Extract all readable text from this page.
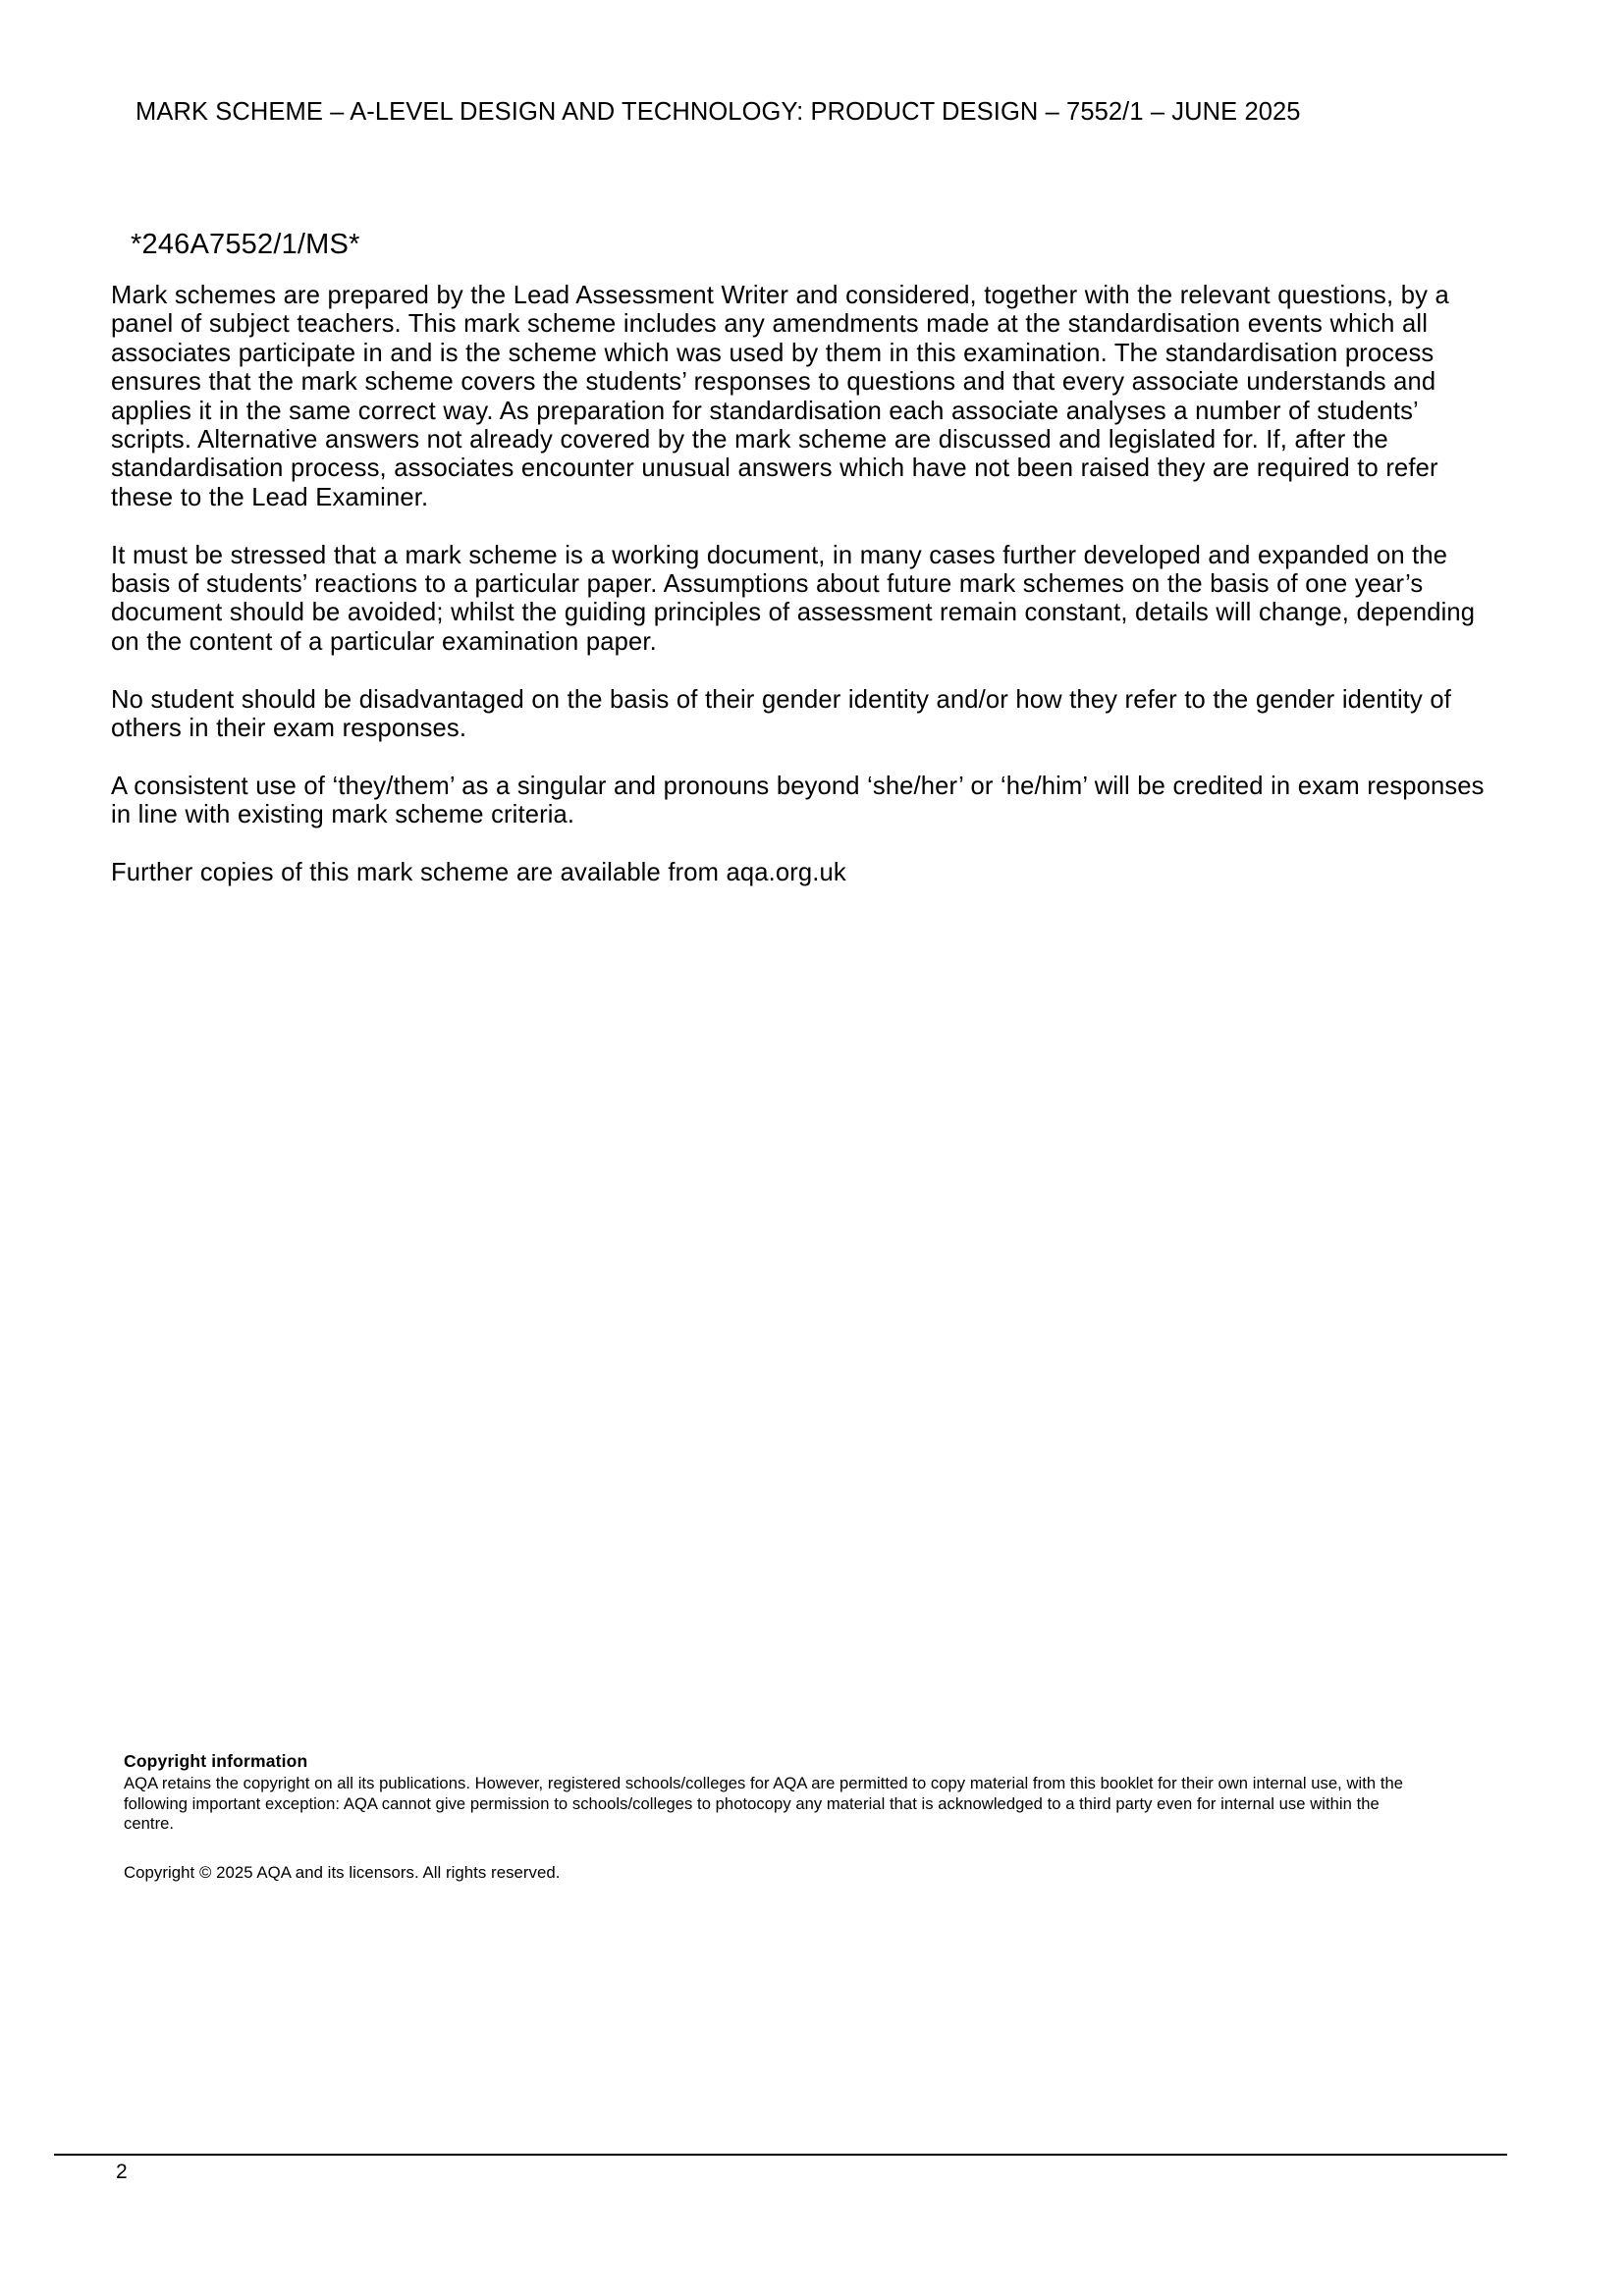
MARK SCHEME – A-LEVEL DESIGN AND TECHNOLOGY: PRODUCT DESIGN – 7552/1 – JUNE 2025
*246A7552/1/MS*

Mark schemes are prepared by the Lead Assessment Writer and considered, together with the relevant questions, by a panel of subject teachers. This mark scheme includes any amendments made at the standardisation events which all associates participate in and is the scheme which was used by them in this examination. The standardisation process ensures that the mark scheme covers the students’ responses to questions and that every associate understands and applies it in the same correct way. As preparation for standardisation each associate analyses a number of students’ scripts. Alternative answers not already covered by the mark scheme are discussed and legislated for. If, after the standardisation process, associates encounter unusual answers which have not been raised they are required to refer these to the Lead Examiner.

It must be stressed that a mark scheme is a working document, in many cases further developed and expanded on the basis of students’ reactions to a particular paper. Assumptions about future mark schemes on the basis of one year’s document should be avoided; whilst the guiding principles of assessment remain constant, details will change, depending on the content of a particular examination paper.

No student should be disadvantaged on the basis of their gender identity and/or how they refer to the gender identity of others in their exam responses.

A consistent use of ‘they/them’ as a singular and pronouns beyond ‘she/her’ or ‘he/him’ will be credited in exam responses in line with existing mark scheme criteria.

Further copies of this mark scheme are available from aqa.org.uk

Copyright information

AQA retains the copyright on all its publications. However, registered schools/colleges for AQA are permitted to copy material from this booklet for their own internal use, with the following important exception: AQA cannot give permission to schools/colleges to photocopy any material that is acknowledged to a third party even for internal use within the centre.

Copyright © 2025 AQA and its licensors. All rights reserved.

2
